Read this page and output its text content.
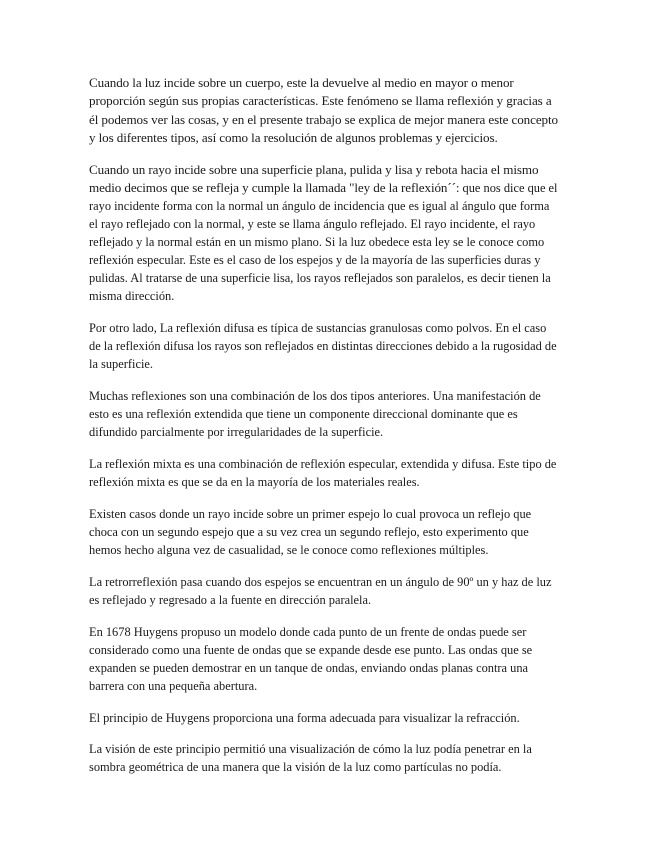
Cuando la luz incide sobre un cuerpo, este la devuelve al medio en mayor o menor proporción según sus propias características. Este fenómeno se llama reflexión y gracias a él podemos ver las cosas, y en el presente trabajo se explica de mejor manera este concepto y los diferentes tipos, así como la resolución de algunos problemas y ejercicios.

Cuando un rayo incide sobre una superficie plana, pulida y lisa y rebota hacia el mismo medio decimos que se refleja y cumple la llamada "ley de la reflexión´´: que nos dice que el rayo incidente forma con la normal un ángulo de incidencia que es igual al ángulo que forma el rayo reflejado con la normal, y este se llama ángulo reflejado. El rayo incidente, el rayo reflejado y la normal están en un mismo plano. Si la luz obedece esta ley se le conoce como reflexión especular. Este es el caso de los espejos y de la mayoría de las superficies duras y pulidas. Al tratarse de una superficie lisa, los rayos reflejados son paralelos, es decir tienen la misma dirección.

Por otro lado, La reflexión difusa es típica de sustancias granulosas como polvos. En el caso de la reflexión difusa los rayos son reflejados en distintas direcciones debido a la rugosidad de la superficie.

Muchas reflexiones son una combinación de los dos tipos anteriores. Una manifestación de esto es una reflexión extendida que tiene un componente direccional dominante que es difundido parcialmente por irregularidades de la superficie.

La reflexión mixta es una combinación de reflexión especular, extendida y difusa. Este tipo de reflexión mixta es que se da en la mayoría de los materiales reales.

Existen casos donde un rayo incide sobre un primer espejo lo cual provoca un reflejo que choca con un segundo espejo que a su vez crea un segundo reflejo, esto experimento que hemos hecho alguna vez de casualidad, se le conoce como reflexiones múltiples.

La retrorreflexión pasa cuando dos espejos se encuentran en un ángulo de 90º un y haz de luz es reflejado y regresado a la fuente en dirección paralela.

En 1678 Huygens propuso un modelo donde cada punto de un frente de ondas puede ser considerado como una fuente de ondas que se expande desde ese punto. Las ondas que se expanden se pueden demostrar en un tanque de ondas, enviando ondas planas contra una barrera con una pequeña abertura.

El principio de Huygens proporciona una forma adecuada para visualizar la refracción.

La visión de este principio permitió una visualización de cómo la luz podía penetrar en la sombra geométrica de una manera que la visión de la luz como partículas no podía.
